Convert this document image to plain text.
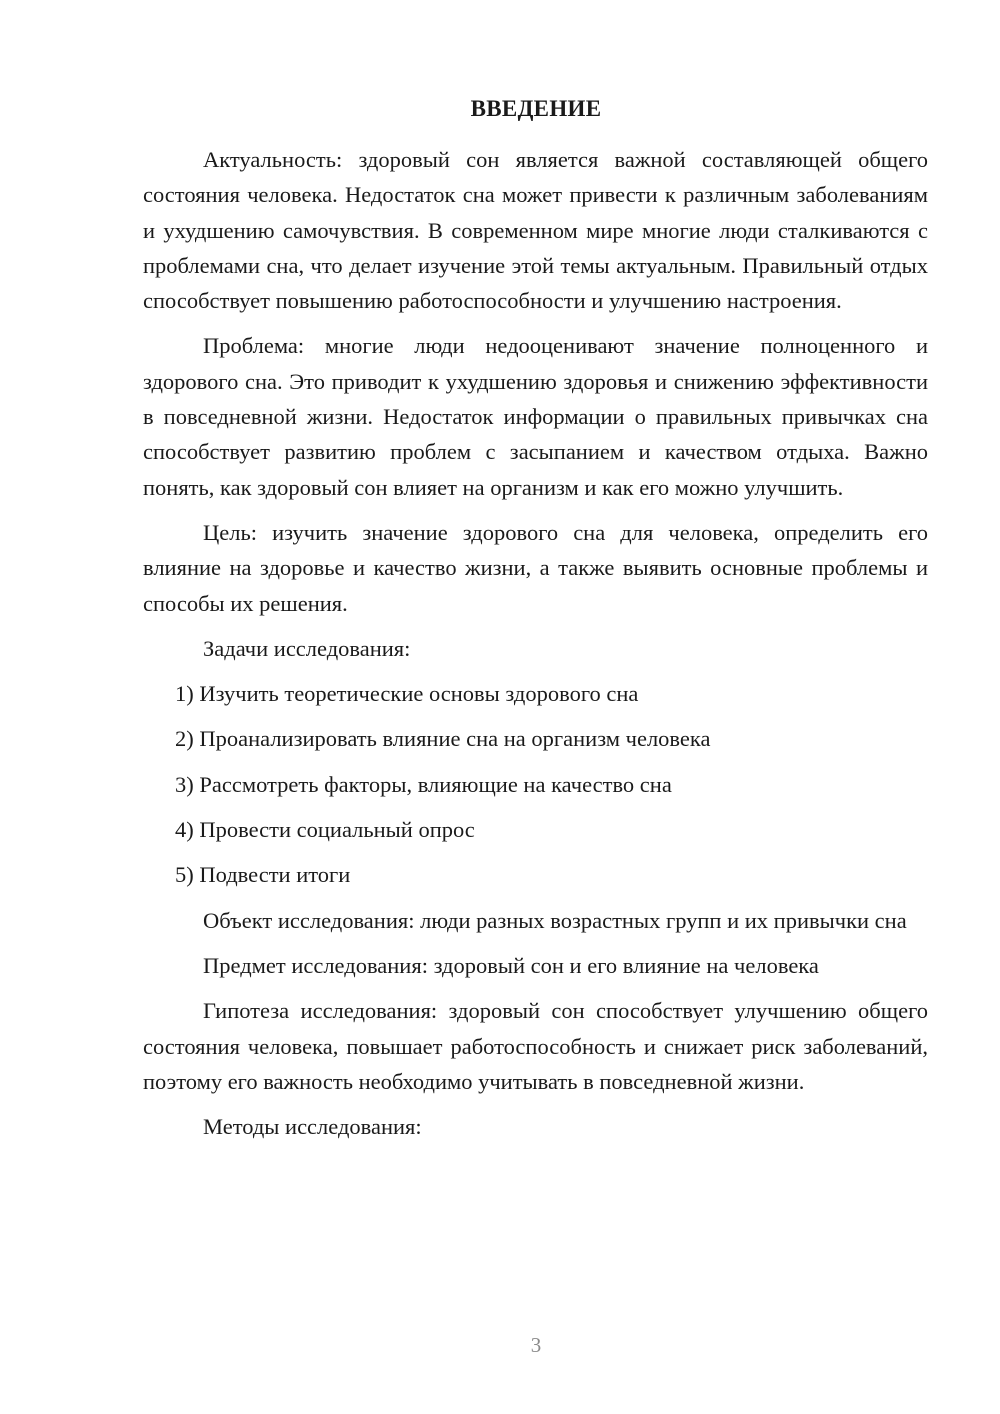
ВВЕДЕНИЕ

Актуальность: здоровый сон является важной составляющей общего состояния человека. Недостаток сна может привести к различным заболеваниям и ухудшению самочувствия. В современном мире многие люди сталкиваются с проблемами сна, что делает изучение этой темы актуальным. Правильный отдых способствует повышению работоспособности и улучшению настроения.

Проблема: многие люди недооценивают значение полноценного и здорового сна. Это приводит к ухудшению здоровья и снижению эффективности в повседневной жизни. Недостаток информации о правильных привычках сна способствует развитию проблем с засыпанием и качеством отдыха. Важно понять, как здоровый сон влияет на организм и как его можно улучшить.

Цель: изучить значение здорового сна для человека, определить его влияние на здоровье и качество жизни, а также выявить основные проблемы и способы их решения.

Задачи исследования:

1) Изучить теоретические основы здорового сна

2) Проанализировать влияние сна на организм человека

3) Рассмотреть факторы, влияющие на качество сна

4) Провести социальный опрос

5) Подвести итоги

Объект исследования: люди разных возрастных групп и их привычки сна

Предмет исследования: здоровый сон и его влияние на человека

Гипотеза исследования: здоровый сон способствует улучшению общего состояния человека, повышает работоспособность и снижает риск заболеваний, поэтому его важность необходимо учитывать в повседневной жизни.

Методы исследования:

3
